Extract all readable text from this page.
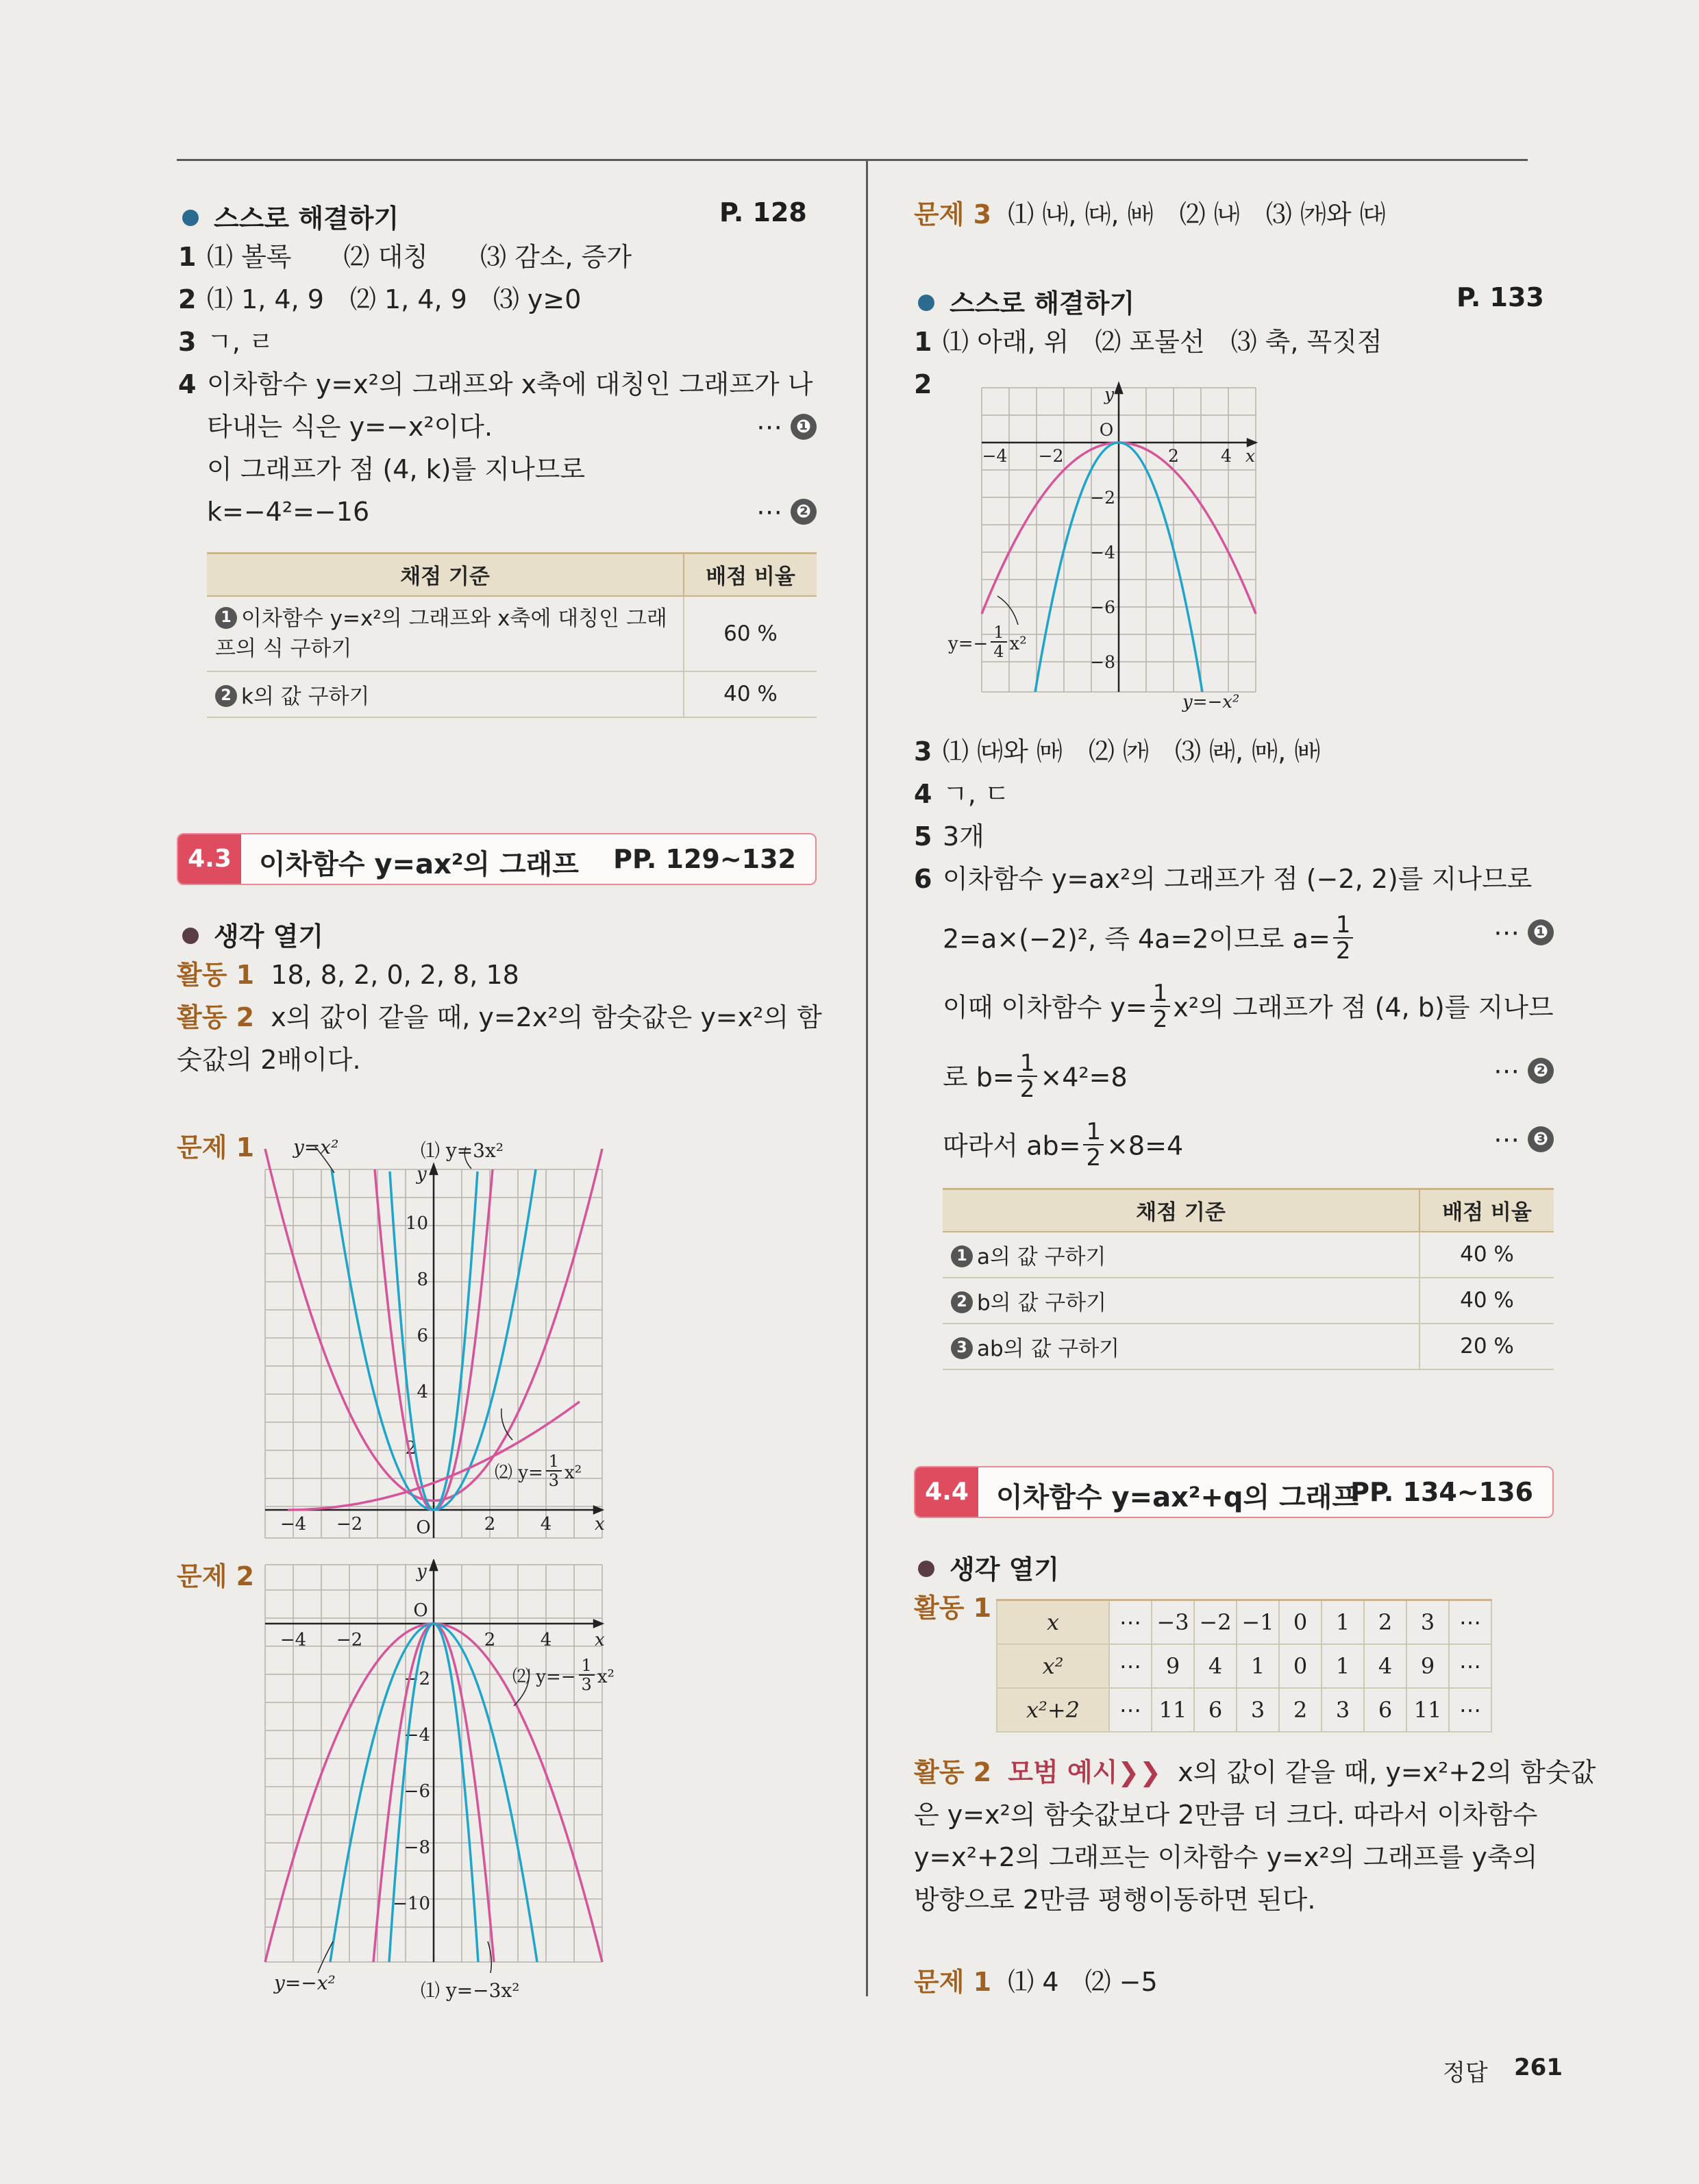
스스로 해결하기	P. 128
1 ⑴ 볼록　　⑵ 대칭　　⑶ 감소, 증가
2 ⑴ 1, 4, 9　⑵ 1, 4, 9　⑶ y≥0
3 ㄱ, ㄹ
4 이차함수 y=x²의 그래프와 x축에 대칭인 그래프가 나
타내는 식은 y=−x²이다.	⋯ ❶
이 그래프가 점 (4, k)를 지나므로
k=−4²=−16	⋯ ❷
채점 기준	배점 비율
1 이차함수 y=x²의 그래프와 x축에 대칭인 그래프의 식 구하기	60 %
2 k의 값 구하기	40 %
4.3	이차함수 y=ax²의 그래프 PP. 129~132
생각 열기
활동 1 18, 8, 2, 0, 2, 8, 18
활동 2 x의 값이 같을 때, y=2x²의 함숫값은 y=x²의 함
숫값의 2배이다.
문제 1
−4 −2	O	2	4 x
2
4
6
8
10
y
y=x²	⑴ y=3x²
⑵ $y= \frac{1}{3} x^2$
문제 2
−4 −2
O
2	4 x
−2
−4
−6
−8
−10
y
y=−x²	⑴ y=−3x²
⑵ $y=- \frac{1}{3} x^2$
문제 3 ⑴ ㈏, ㈐, ㈓　⑵ ㈏　⑶ ㈎와 ㈐
스스로 해결하기	P. 133
1 ⑴ 아래, 위　⑵ 포물선　⑶ 축, 꼭짓점
2
−4 −2
O
2 4 x
−2
−4
−6
−8
y
$y=- \frac{1}{4} x^2$
y=−x²
3 ⑴ ㈐와 ㈒　⑵ ㈎　⑶ ㈑, ㈒, ㈓
4 ㄱ, ㄷ
5 3개
6 이차함수 y=ax²의 그래프가 점 (−2, 2)를 지나므로
2=a×(−2)², 즉 4a=2이므로 $a= \frac{1}{2}$	⋯ ❶
이때 이차함수 $y= \frac{1}{2} x^2$의 그래프가 점 (4, b)를 지나므
로 $b= \frac{1}{2} \times 4^2=8$	⋯ ❷
따라서 $ab= \frac{1}{2} \times 8=4$	⋯ ❸
채점 기준	배점 비율
1 a의 값 구하기	40 %
2 b의 값 구하기	40 %
3 ab의 값 구하기	20 %
4.4	이차함수 y=ax²+q의 그래프
PP. 134~136
생각 열기
활동 1	x	⋯	−3	−2	−1	0	1	2	3	⋯
x²	⋯	9	4	1	0	1	4	9	⋯
x²+2	⋯	11	6	3	2	3	6	11	⋯
활동 2 모범 예시❯❯ x의 값이 같을 때, y=x²+2의 함숫값
은 y=x²의 함숫값보다 2만큼 더 크다. 따라서 이차함수
y=x²+2의 그래프는 이차함수 y=x²의 그래프를 y축의
방향으로 2만큼 평행이동하면 된다.
문제 1 ⑴ 4　⑵ −5
정답 261
